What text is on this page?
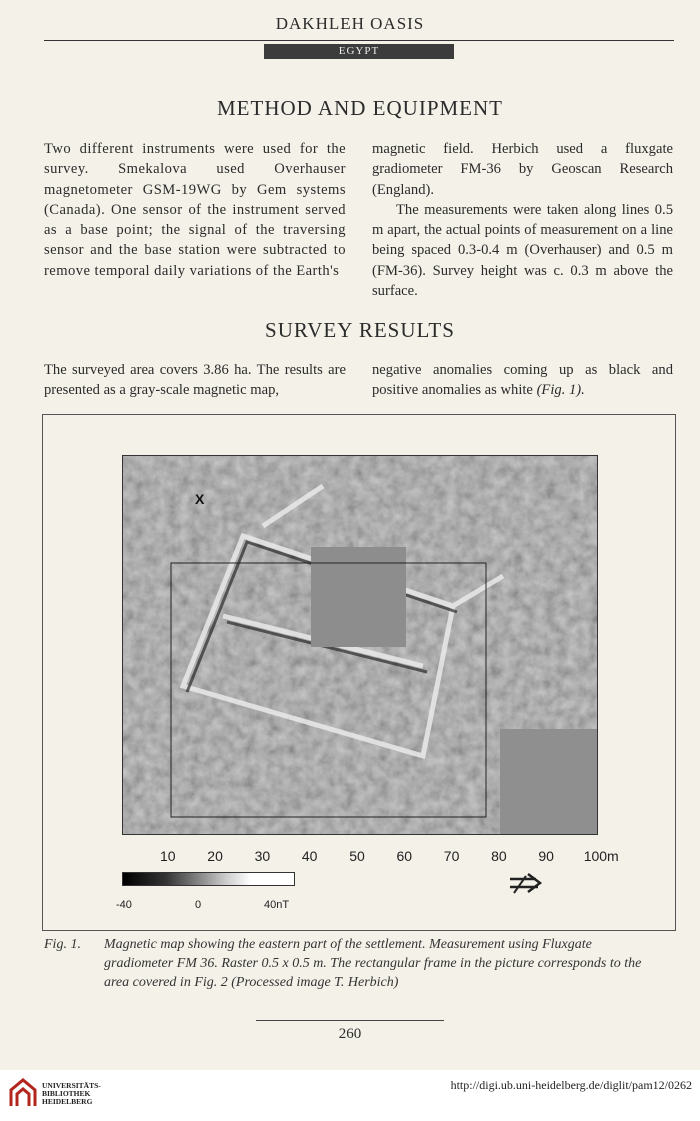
DAKHLEH OASIS
EGYPT
METHOD AND EQUIPMENT

Two different instruments were used for the survey. Smekalova used Overhauser magnetometer GSM-19WG by Gem systems (Canada). One sensor of the instrument served as a base point; the signal of the traversing sensor and the base station were subtracted to remove temporal daily variations of the Earth's

magnetic field. Herbich used a fluxgate gradiometer FM-36 by Geoscan Research (England).

The measurements were taken along lines 0.5 m apart, the actual points of measurement on a line being spaced 0.3-0.4 m (Overhauser) and 0.5 m (FM-36). Survey height was c. 0.3 m above the surface.

SURVEY RESULTS

The surveyed area covers 3.86 ha. The results are presented as a gray-scale magnetic map,

negative anomalies coming up as black and positive anomalies as white (Fig. 1).

X
10 20 30 40 50 60 70 80 90 100m
-40	0	40nT
Fig. 1. Magnetic map showing the eastern part of the settlement. Measurement using Fluxgate gradiometer FM 36. Raster 0.5 x 0.5 m. The rectangular frame in the picture corresponds to the area covered in Fig. 2 (Processed image T. Herbich)
260
UNIVERSITÄTS-
BIBLIOTHEK
HEIDELBERG
http://digi.ub.uni-heidelberg.de/diglit/pam12/0262
